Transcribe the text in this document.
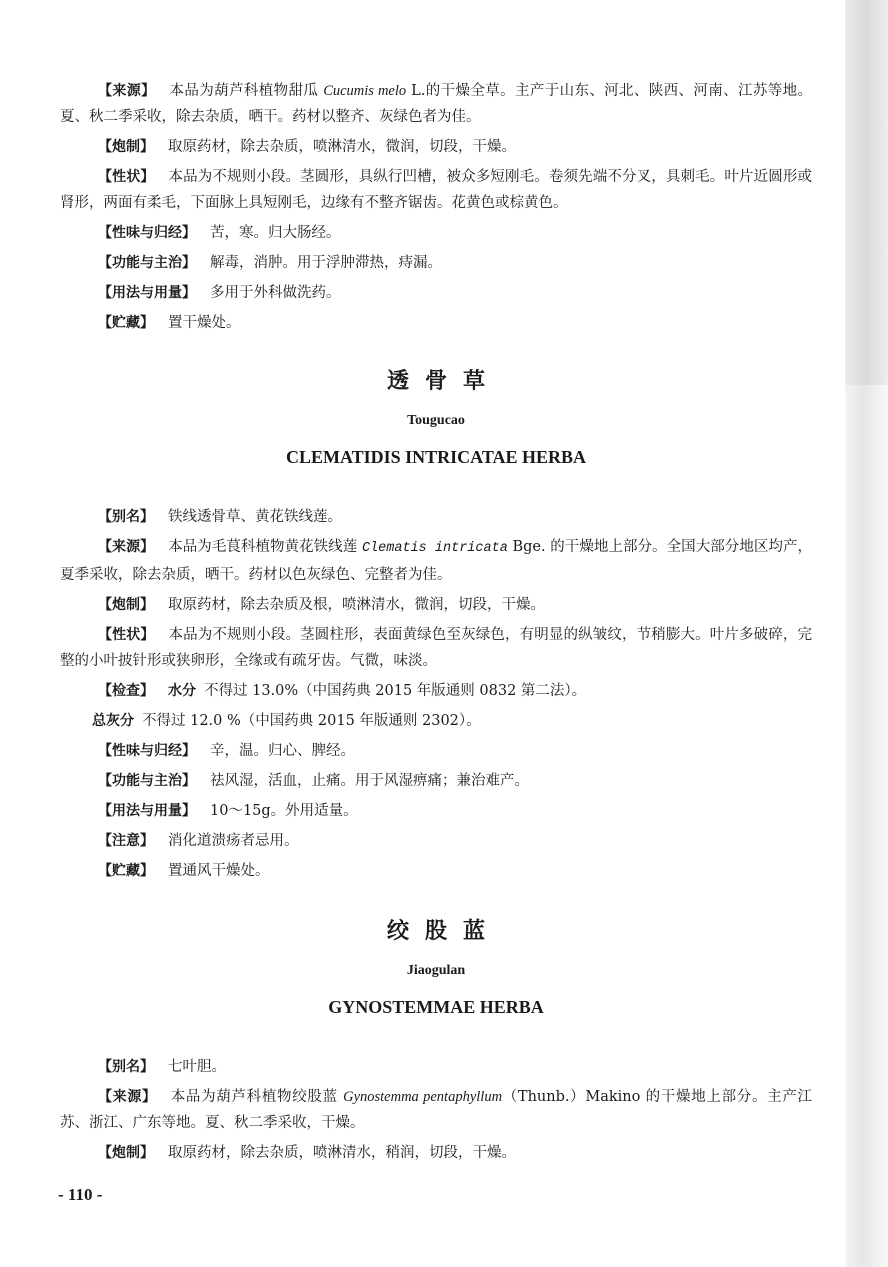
【来源】 本品为葫芦科植物甜瓜 Cucumis melo L.的干燥全草。主产于山东、河北、陕西、河南、江苏等地。夏、秋二季采收，除去杂质，晒干。药材以整齐、灰绿色者为佳。

【炮制】 取原药材，除去杂质，喷淋清水，微润，切段，干燥。

【性状】 本品为不规则小段。茎圆形，具纵行凹槽，被众多短刚毛。卷须先端不分叉，具刺毛。叶片近圆形或肾形，两面有柔毛，下面脉上具短刚毛，边缘有不整齐锯齿。花黄色或棕黄色。

【性味与归经】 苦，寒。归大肠经。

【功能与主治】 解毒，消肿。用于浮肿滞热，痔漏。

【用法与用量】 多用于外科做洗药。

【贮藏】 置干燥处。

透骨草

Tougucao

CLEMATIDIS INTRICATAE HERBA

【别名】 铁线透骨草、黄花铁线莲。

【来源】 本品为毛茛科植物黄花铁线莲 Clematis intricata Bge. 的干燥地上部分。全国大部分地区均产，夏季采收，除去杂质，晒干。药材以色灰绿色、完整者为佳。

【炮制】 取原药材，除去杂质及根，喷淋清水，微润，切段，干燥。

【性状】 本品为不规则小段。茎圆柱形，表面黄绿色至灰绿色，有明显的纵皱纹，节稍膨大。叶片多破碎，完整的小叶披针形或狭卵形，全缘或有疏牙齿。气微，味淡。

【检查】 水分 不得过 13.0%（中国药典 2015 年版通则 0832 第二法）。

总灰分 不得过 12.0 %（中国药典 2015 年版通则 2302）。

【性味与归经】 辛，温。归心、脾经。

【功能与主治】 祛风湿，活血，止痛。用于风湿痹痛；兼治难产。

【用法与用量】 10～15g。外用适量。

【注意】 消化道溃疡者忌用。

【贮藏】 置通风干燥处。

绞股蓝

Jiaogulan

GYNOSTEMMAE HERBA

【别名】 七叶胆。

【来源】 本品为葫芦科植物绞股蓝 Gynostemma pentaphyllum（Thunb.）Makino 的干燥地上部分。主产江苏、浙江、广东等地。夏、秋二季采收，干燥。

【炮制】 取原药材，除去杂质，喷淋清水，稍润，切段，干燥。

- 110 -
